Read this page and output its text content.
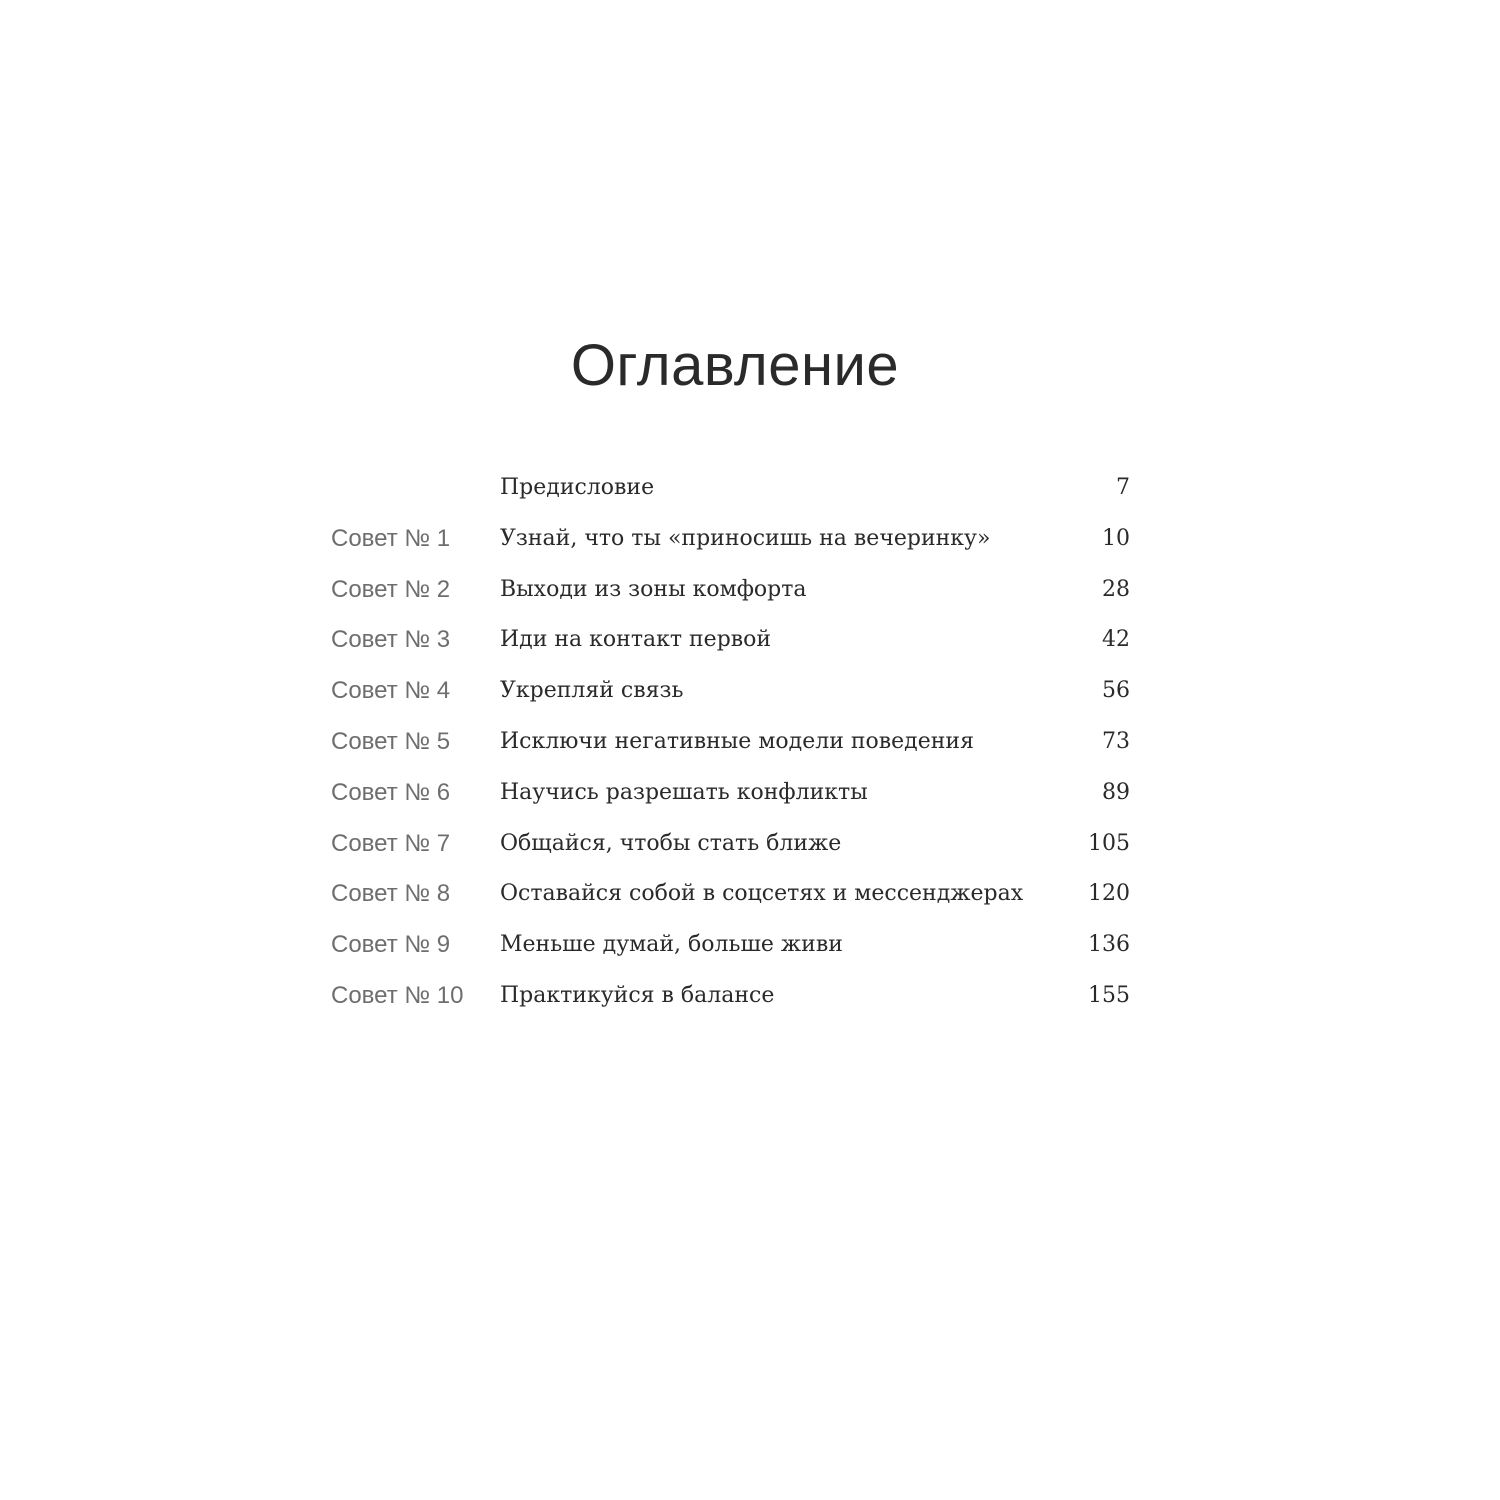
Оглавление
Предисловие	7
Совет № 1 Узнай, что ты «приносишь на вечеринку»	10
Совет № 2 Выходи из зоны комфорта	28
Совет № 3 Иди на контакт первой	42
Совет № 4 Укрепляй связь	56
Совет № 5 Исключи негативные модели поведения	73
Совет № 6 Научись разрешать конфликты	89
Совет № 7 Общайся, чтобы стать ближе	105
Совет № 8 Оставайся собой в соцсетях и мессенджерах	120
Совет № 9 Меньше думай, больше живи	136
Совет № 10 Практикуйся в балансе	155
